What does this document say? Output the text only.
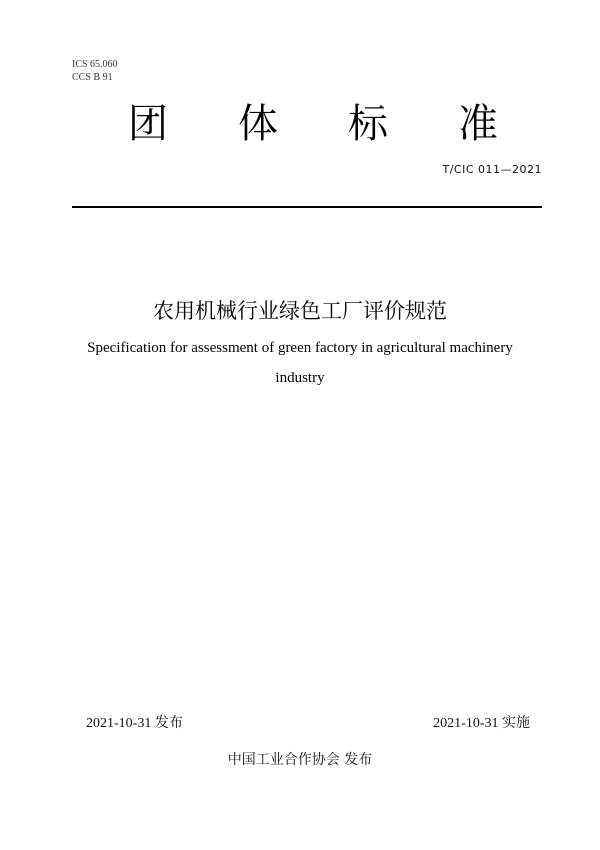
ICS 65.060
CCS B 91
团 体 标 准
T/CIC 011—2021
农用机械行业绿色工厂评价规范
Specification for assessment of green factory in agricultural machinery industry
2021-10-31 发布	2021-10-31 实施
中国工业合作协会 发布
